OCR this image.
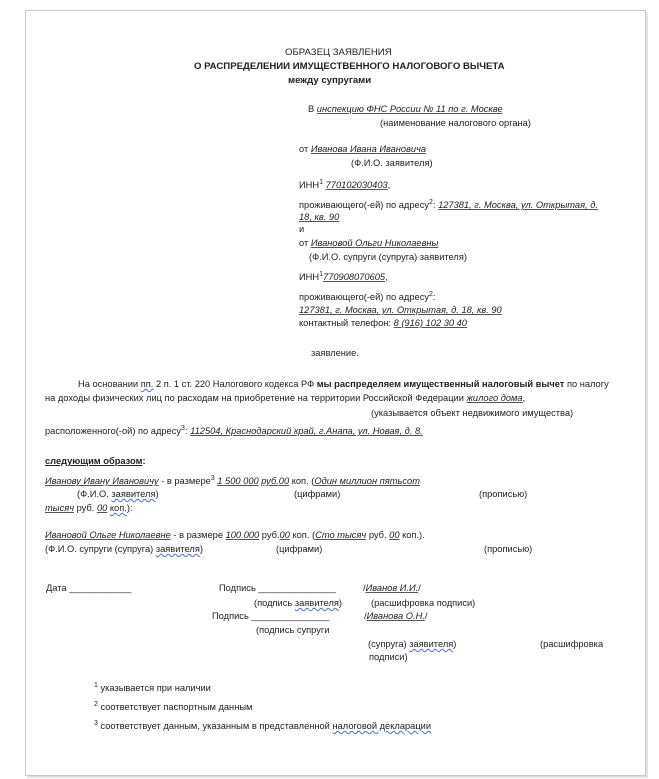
ОБРАЗЕЦ ЗАЯВЛЕНИЯ
О РАСПРЕДЕЛЕНИИ ИМУЩЕСТВЕННОГО НАЛОГОВОГО ВЫЧЕТА
между супругами
В инспекцию ФНС России № 11 по г. Москве
(наименование налогового органа)
от Иванова Ивана Ивановича
(Ф.И.О. заявителя)
ИНН$^1$ 770102030403,
проживающего(-ей) по адресу$^2$: 127381, г. Москва, ул. Открытая, д.
18, кв. 90
и
от Ивановой Ольги Николаевны
(Ф.И.О. супруги (супруга) заявителя)
ИНН$^1$770908070605,
проживающего(-ей) по адресу$^2$:
127381, г. Москва, ул. Открытая, д. 18, кв. 90
контактный телефон: 8 (916) 102 30 40
заявление.
На основании пп. 2 п. 1 ст. 220 Налогового кодекса РФ мы распределяем имущественный налоговый вычет по налогу
на доходы физических лиц по расходам на приобретение на территории Российской Федерации жилого дома,
(указывается объект недвижимого имущества)
расположенного(-ой) по адресу$^3$: 112504, Краснодарский край, г.Анапа, ул. Новая, д. 8.
следующим образом:
Иванову Ивану Ивановичу - в размере$^3$ 1 500 000 руб.00 коп. (Один миллион пятьсот
(Ф.И.О. заявителя)	(цифрами)	(прописью)
тысяч руб. 00 коп.):
Ивановой Ольге Николаевне - в размере 100 000 руб.00 коп. (Сто тысяч руб. 00 коп.).
(Ф.И.О. супруги (супруга) заявителя)	(цифрами)	(прописью)
Дата ____________	Подпись _______________	/Иванов И.И./
(подпись заявителя)	(расшифровка подписи)
Подпись _______________	/Иванова О.Н./
(подпись супруги
(супруга) заявителя)	(расшифровка
подписи)
$^1$ указывается при наличии
$^2$ соответствует паспортным данным
$^3$ соответствует данным, указанным в представленной налоговой декларации
